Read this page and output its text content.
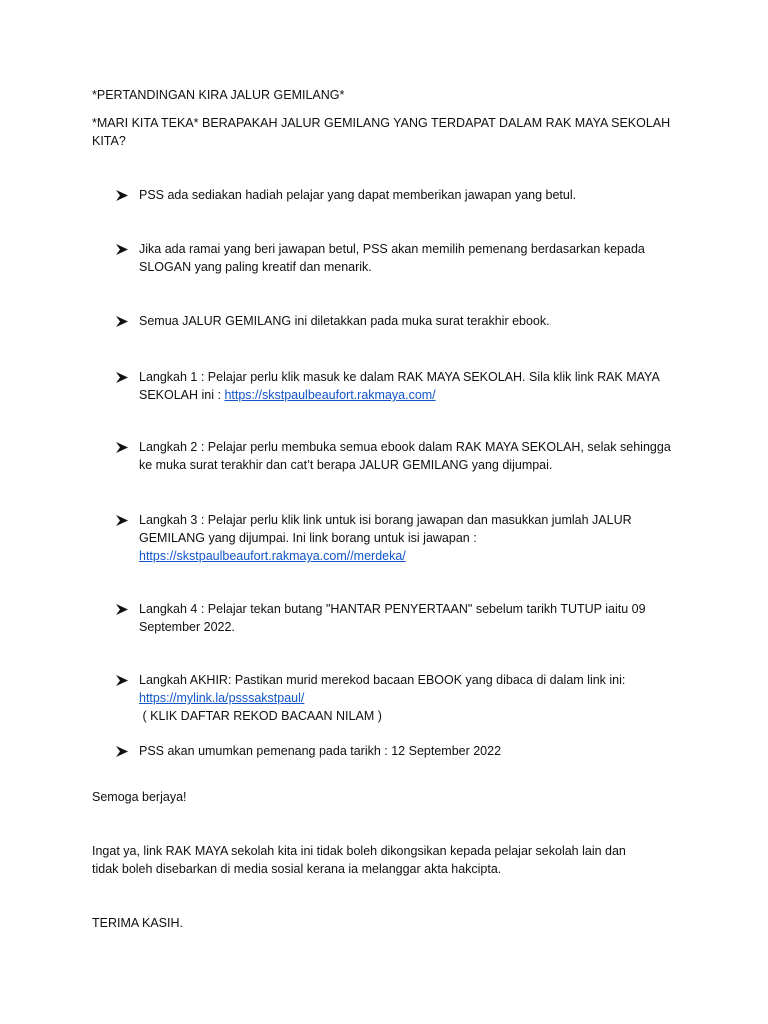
*PERTANDINGAN KIRA JALUR GEMILANG*
*MARI KITA TEKA* BERAPAKAH JALUR GEMILANG YANG TERDAPAT DALAM RAK MAYA SEKOLAH
KITA?
PSS ada sediakan hadiah pelajar yang dapat memberikan jawapan yang betul.
Jika ada ramai yang beri jawapan betul, PSS akan memilih pemenang berdasarkan kepada
SLOGAN yang paling kreatif dan menarik.
Semua JALUR GEMILANG ini diletakkan pada muka surat terakhir ebook.
Langkah 1 : Pelajar perlu klik masuk ke dalam RAK MAYA SEKOLAH. Sila klik link RAK MAYA
SEKOLAH ini : https://skstpaulbeaufort.rakmaya.com/
Langkah 2 : Pelajar perlu membuka semua ebook dalam RAK MAYA SEKOLAH, selak sehingga
ke muka surat terakhir dan cat’t berapa JALUR GEMILANG yang dijumpai.
Langkah 3 : Pelajar perlu klik link untuk isi borang jawapan dan masukkan jumlah JALUR
GEMILANG yang dijumpai. Ini link borang untuk isi jawapan :
https://skstpaulbeaufort.rakmaya.com//merdeka/
Langkah 4 : Pelajar tekan butang "HANTAR PENYERTAAN" sebelum tarikh TUTUP iaitu 09
September 2022.
Langkah AKHIR: Pastikan murid merekod bacaan EBOOK yang dibaca di dalam link ini:
https://mylink.la/psssakstpaul/
( KLIK DAFTAR REKOD BACAAN NILAM )
PSS akan umumkan pemenang pada tarikh : 12 September 2022
Semoga berjaya!
Ingat ya, link RAK MAYA sekolah kita ini tidak boleh dikongsikan kepada pelajar sekolah lain dan
tidak boleh disebarkan di media sosial kerana ia melanggar akta hakcipta.
TERIMA KASIH.
